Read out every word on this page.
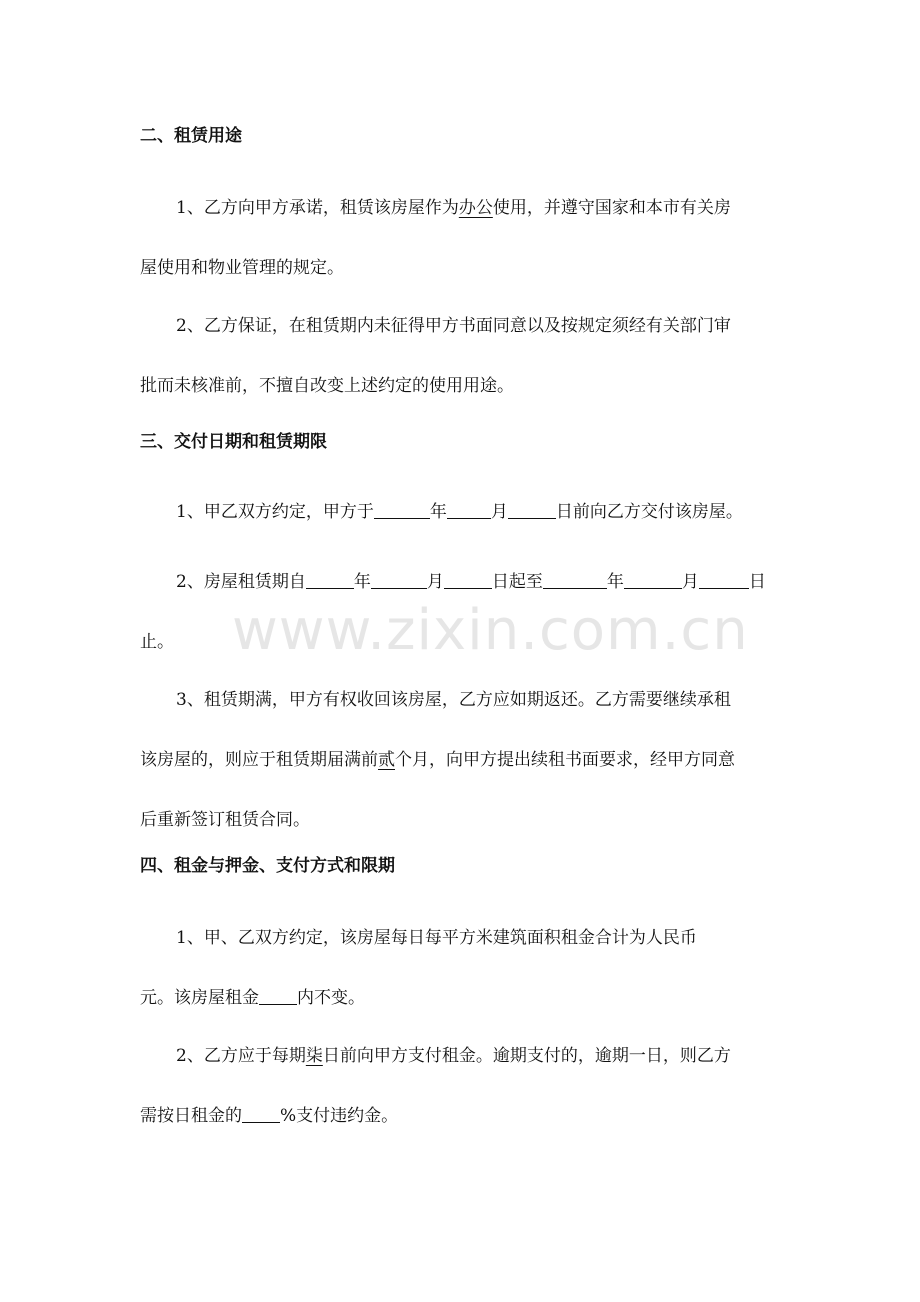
二、租赁用途
1、乙方向甲方承诺，租赁该房屋作为办公使用，并遵守国家和本市有关房
屋使用和物业管理的规定。
2、乙方保证，在租赁期内未征得甲方书面同意以及按规定须经有关部门审
批而未核准前，不擅自改变上述约定的使用用途。
三、交付日期和租赁期限
1、甲乙双方约定，甲方于	年	月	日前向乙方交付该房屋。
2、房屋租赁期自	年	月	日起至	年	月	日
止。
3、租赁期满，甲方有权收回该房屋，乙方应如期返还。乙方需要继续承租
该房屋的，则应于租赁期届满前贰个月，向甲方提出续租书面要求，经甲方同意
后重新签订租赁合同。
四、租金与押金、支付方式和限期
1、甲、乙双方约定，该房屋每日每平方米建筑面积租金合计为人民币
元。该房屋租金 内不变。
2、乙方应于每期柒日前向甲方支付租金。逾期支付的，逾期一日，则乙方
需按日租金的 %支付违约金。
www.zixin.com.cn
